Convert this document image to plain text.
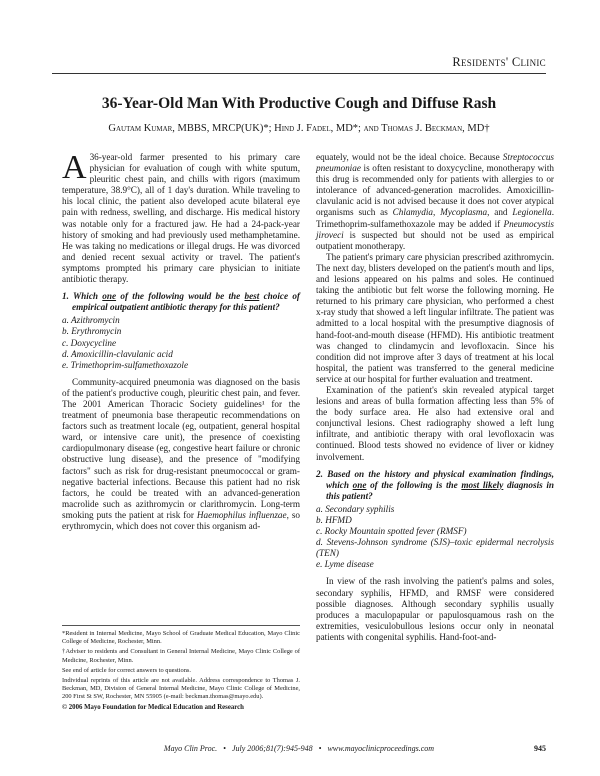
Residents' Clinic
36-Year-Old Man With Productive Cough and Diffuse Rash
Gautam Kumar, MBBS, MRCP(UK)*; Hind J. Fadel, MD*; and Thomas J. Beckman, MD†

A 36-year-old farmer presented to his primary care physician for evaluation of cough with white sputum, pleuritic chest pain, and chills with rigors (maximum temperature, 38.9°C), all of 1 day's duration. While traveling to his local clinic, the patient also developed acute bilateral eye pain with redness, swelling, and discharge. His medical history was notable only for a fractured jaw. He had a 24-pack-year history of smoking and had previously used methamphetamine. He was taking no medications or illegal drugs. He was divorced and denied recent sexual activity or travel. The patient's symptoms prompted his primary care physician to initiate antibiotic therapy.

1. Which one of the following would be the best choice of empirical outpatient antibiotic therapy for this patient?
a. Azithromycin
b. Erythromycin
c. Doxycycline
d. Amoxicillin-clavulanic acid
e. Trimethoprim-sulfamethoxazole

Community-acquired pneumonia was diagnosed on the basis of the patient's productive cough, pleuritic chest pain, and fever. The 2001 American Thoracic Society guidelines¹ for the treatment of pneumonia base therapeutic recommendations on factors such as treatment locale (eg, outpatient, general hospital ward, or intensive care unit), the presence of coexisting cardiopulmonary disease (eg, congestive heart failure or chronic obstructive lung disease), and the presence of "modifying factors" such as risk for drug-resistant pneumococcal or gram-negative bacterial infections. Because this patient had no risk factors, he could be treated with an advanced-generation macrolide such as azithromycin or clarithromycin. Long-term smoking puts the patient at risk for Haemophilus influenzae, so erythromycin, which does not cover this organism ad-

*Resident in Internal Medicine, Mayo School of Graduate Medical Education, Mayo Clinic College of Medicine, Rochester, Minn.

†Adviser to residents and Consultant in General Internal Medicine, Mayo Clinic College of Medicine, Rochester, Minn.

See end of article for correct answers to questions.

Individual reprints of this article are not available. Address correspondence to Thomas J. Beckman, MD, Division of General Internal Medicine, Mayo Clinic College of Medicine, 200 First St SW, Rochester, MN 55905 (e-mail: beckman.thomas@mayo.edu).

© 2006 Mayo Foundation for Medical Education and Research

equately, would not be the ideal choice. Because Streptococcus pneumoniae is often resistant to doxycycline, monotherapy with this drug is recommended only for patients with allergies to or intolerance of advanced-generation macrolides. Amoxicillin-clavulanic acid is not advised because it does not cover atypical organisms such as Chlamydia, Mycoplasma, and Legionella. Trimethoprim-sulfamethoxazole may be added if Pneumocystis jiroveci is suspected but should not be used as empirical outpatient monotherapy.

The patient's primary care physician prescribed azithromycin. The next day, blisters developed on the patient's mouth and lips, and lesions appeared on his palms and soles. He continued taking the antibiotic but felt worse the following morning. He returned to his primary care physician, who performed a chest x-ray study that showed a left lingular infiltrate. The patient was admitted to a local hospital with the presumptive diagnosis of hand-foot-and-mouth disease (HFMD). His antibiotic treatment was changed to clindamycin and levofloxacin. Since his condition did not improve after 3 days of treatment at his local hospital, the patient was transferred to the general medicine service at our hospital for further evaluation and treatment.

Examination of the patient's skin revealed atypical target lesions and areas of bulla formation affecting less than 5% of the body surface area. He also had extensive oral and conjunctival lesions. Chest radiography showed a left lung infiltrate, and antibiotic therapy with oral levofloxacin was continued. Blood tests showed no evidence of liver or kidney involvement.

2. Based on the history and physical examination findings, which one of the following is the most likely diagnosis in this patient?
a. Secondary syphilis
b. HFMD
c. Rocky Mountain spotted fever (RMSF)
d. Stevens-Johnson syndrome (SJS)–toxic epidermal necrolysis (TEN)
e. Lyme disease

In view of the rash involving the patient's palms and soles, secondary syphilis, HFMD, and RMSF were considered possible diagnoses. Although secondary syphilis usually produces a maculopapular or papulosquamous rash on the extremities, vesiculobullous lesions occur only in neonatal patients with congenital syphilis. Hand-foot-and-

Mayo Clin Proc. • July 2006;81(7):945-948 • www.mayoclinicproceedings.com	945
